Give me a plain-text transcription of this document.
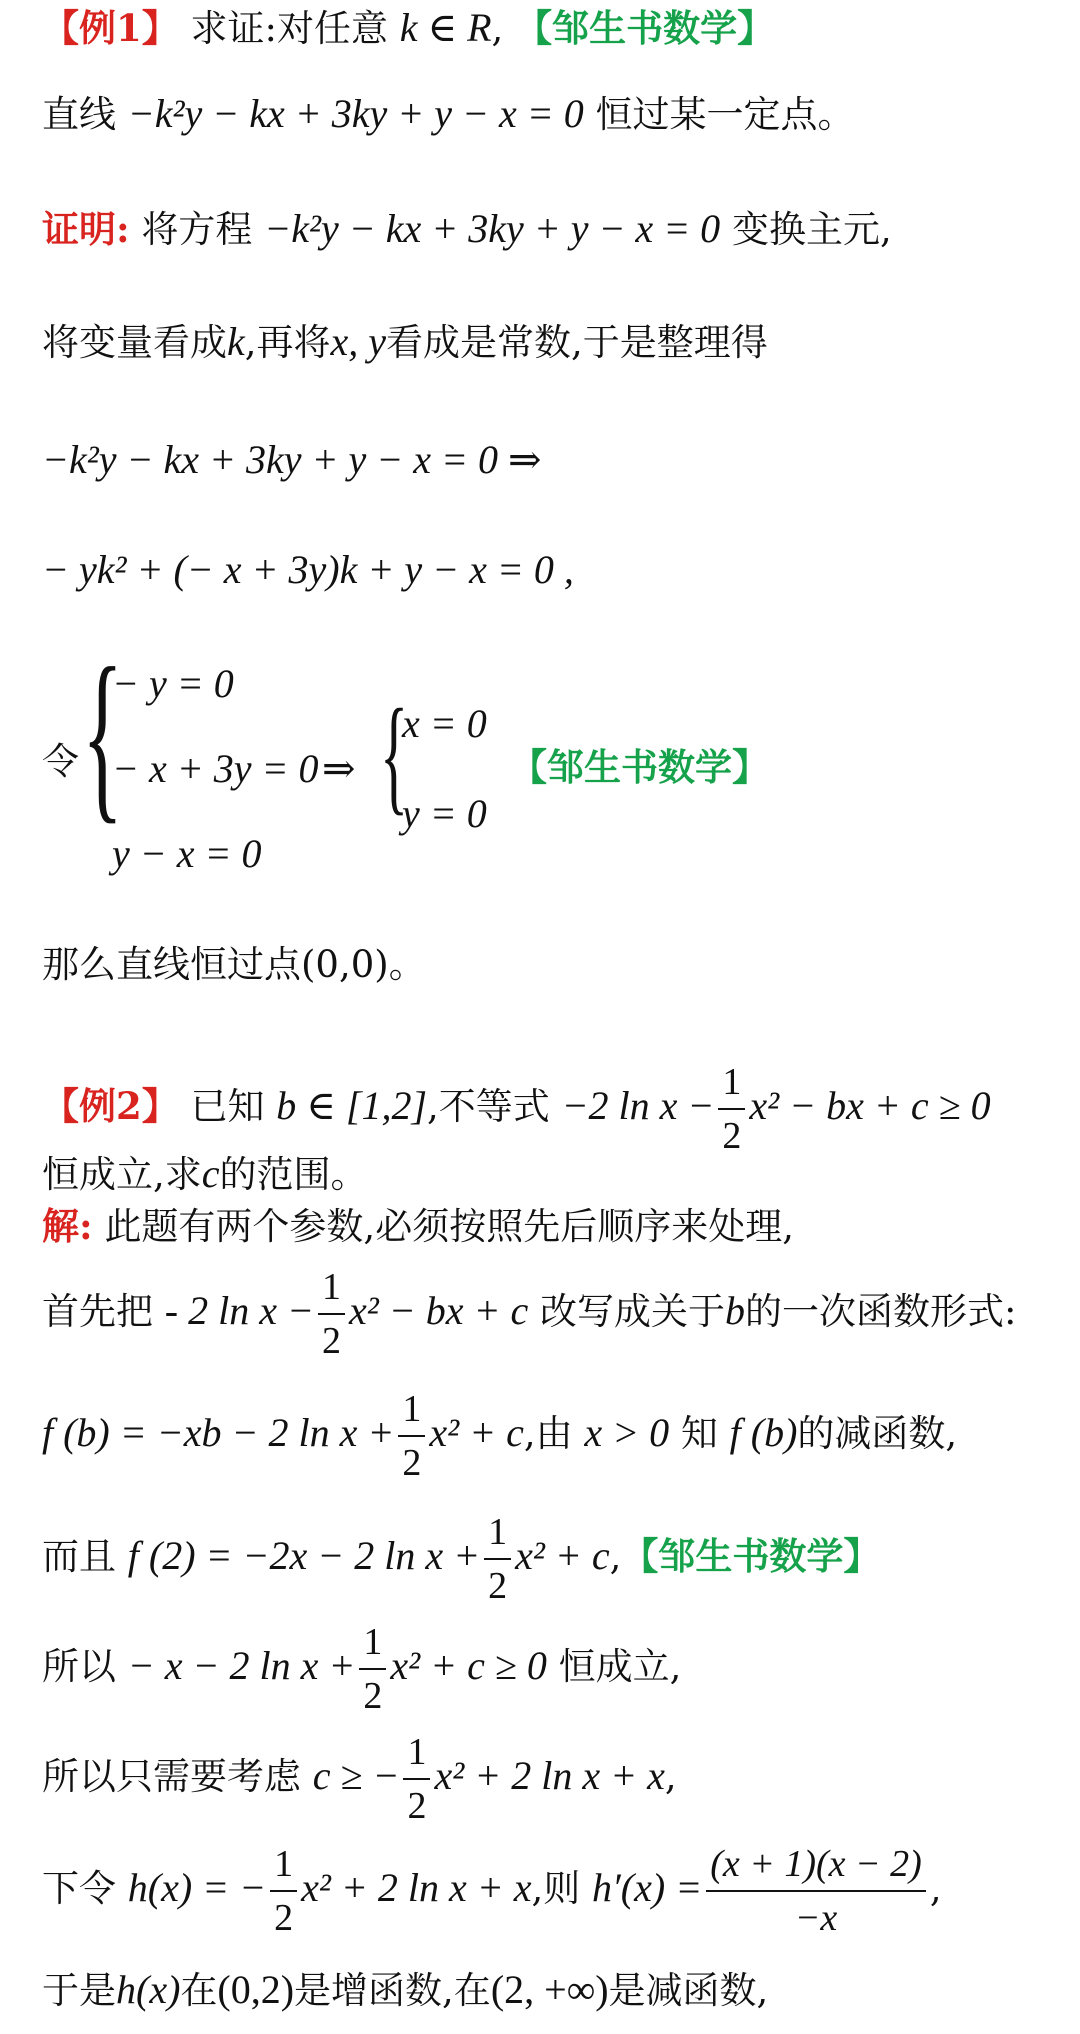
【例1】 求证:对任意 k ∈ R, 【邹生书数学】
直线 −k²y − kx + 3ky + y − x = 0 恒过某一定点。
证明: 将方程 −k²y − kx + 3ky + y − x = 0 变换主元,
将变量看成k,再将x, y看成是常数,于是整理得
−k²y − kx + 3ky + y − x = 0 ⇒
− yk² + (− x + 3y)k + y − x = 0 ,
令 {
− y = 0
− x + 3y = 0
y − x = 0
⇒ {
x = 0
y = 0
【邹生书数学】
那么直线恒过点(0,0)。
【例2】 已知 b ∈ [1,2],不等式 −2 $\ln x - \frac{1}{2} x^2$ − bx + c ≥ 0
恒成立,求c的范围。
解: 此题有两个参数,必须按照先后顺序来处理,
首先把 - 2 $\ln x - \frac{1}{2} x^2$ − bx + c 改写成关于b的一次函数形式:
f (b) = −xb − 2 $\ln x + \frac{1}{2} x^2 + c$,由 x > 0 知 f (b)的减函数,
而且 f (2) = −2x − 2 $\ln x + \frac{1}{2} x^2 + c$,【邹生书数学】
所以 − x − 2 $\ln x + \frac{1}{2} x^2 + c \ge 0$ 恒成立,
所以只需要考虑 c ≥ − $\frac{1}{2} x^2 + 2$ ln x + x,
下令 h(x) = − $\frac{1}{2} x^2 + 2$ ln x + x,则 $h'(x) = \frac{(x + 1)(x - 2)}{-x}$ ,
于是h(x)在(0,2)是增函数,在(2, +∞)是减函数,
